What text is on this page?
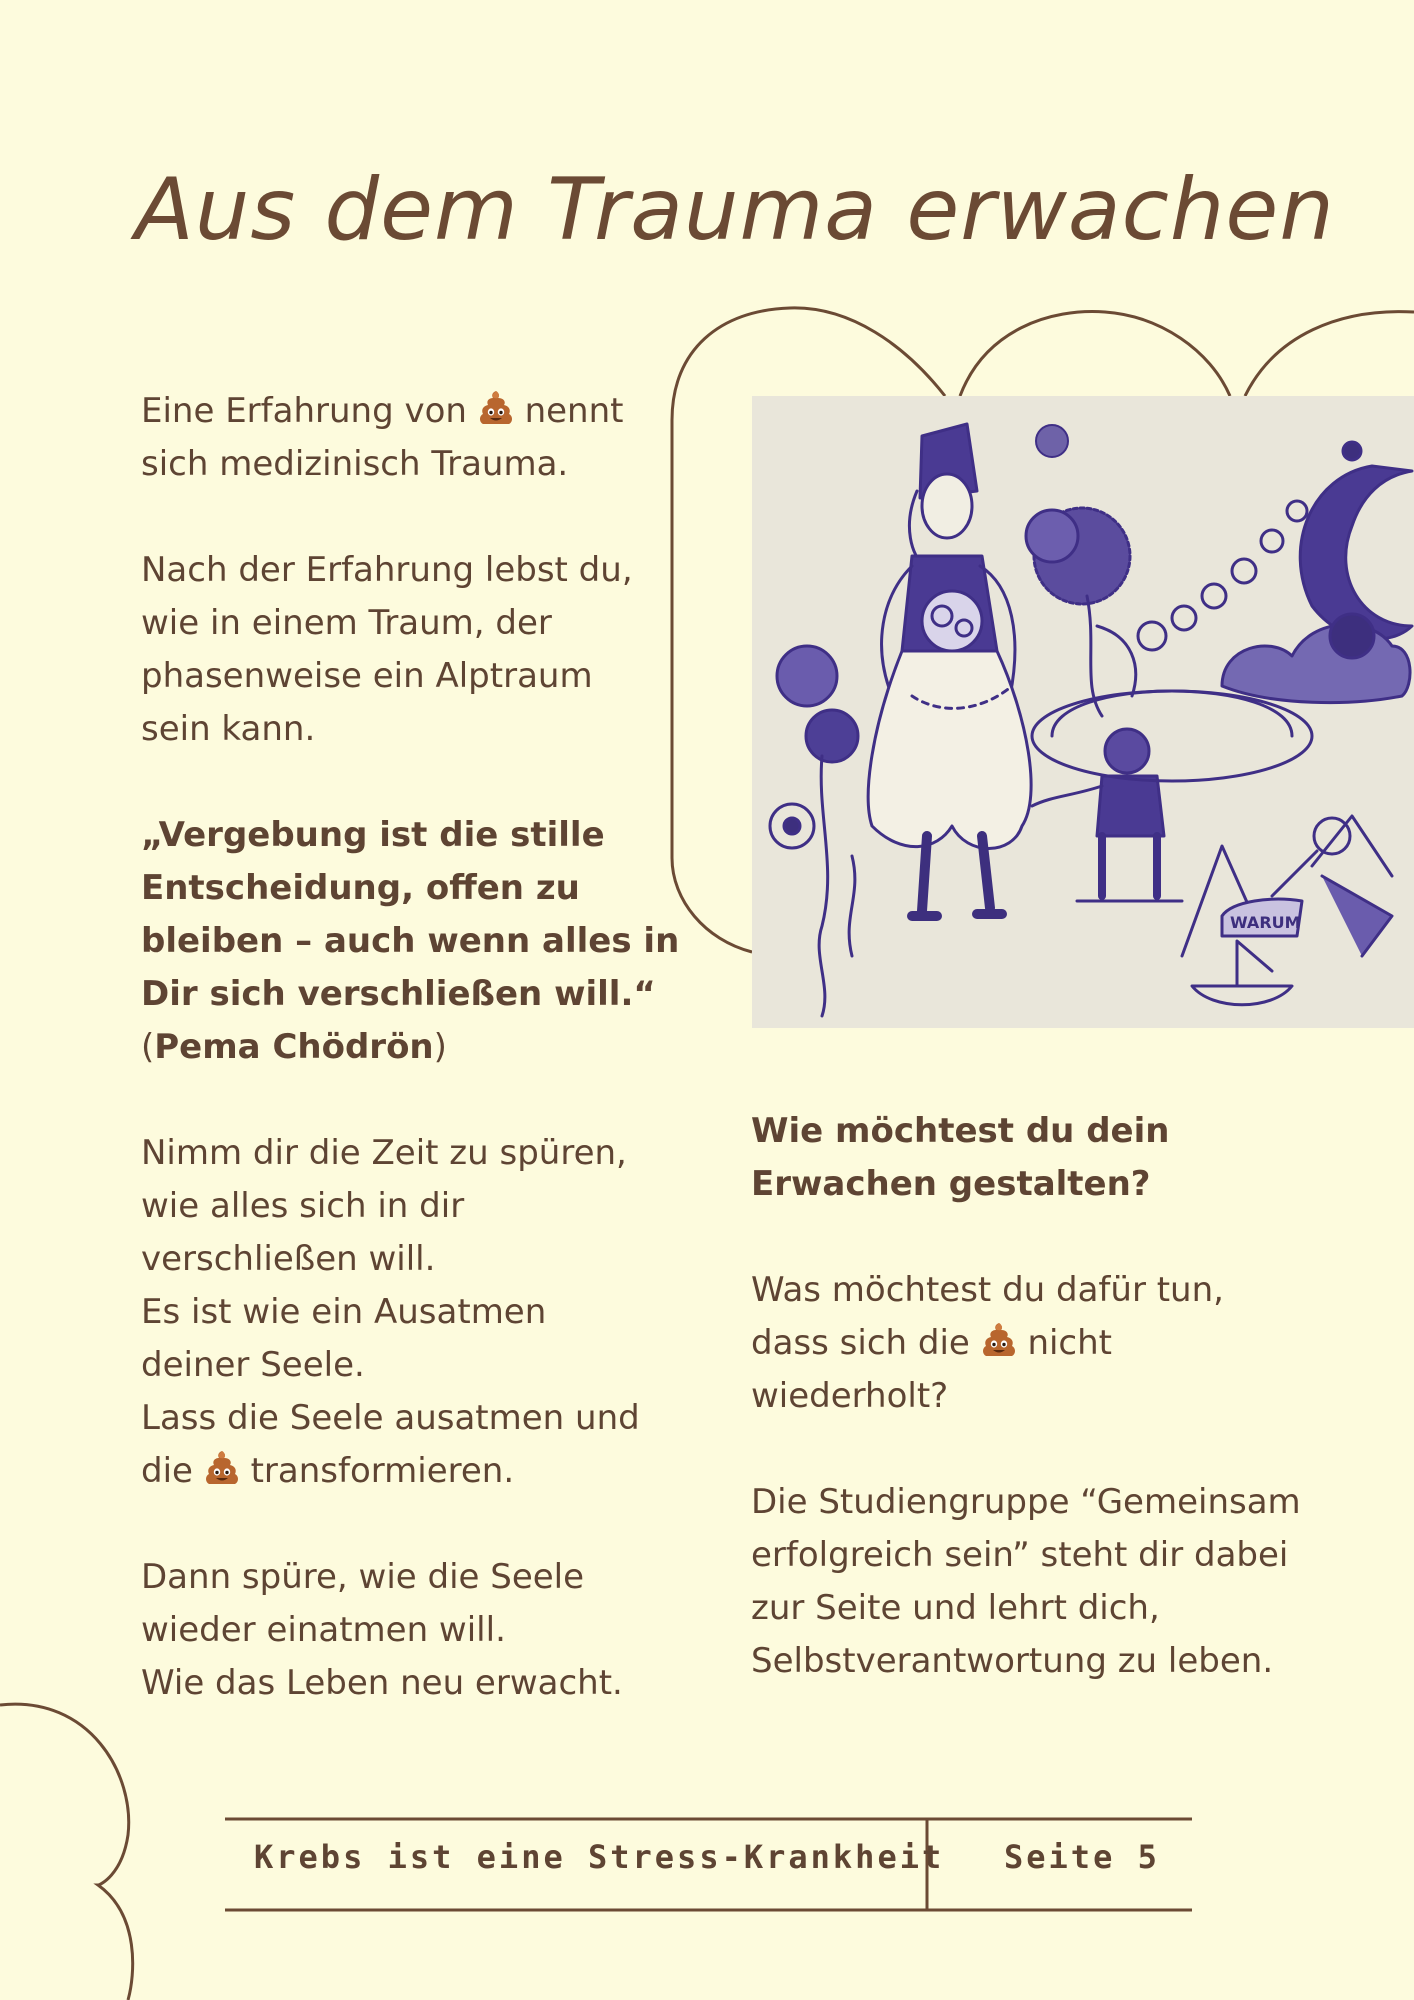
Aus dem Trauma erwachen
Eine Erfahrung von nennt
sich medizinisch Trauma.
Nach der Erfahrung lebst du,
wie in einem Traum, der
phasenweise ein Alptraum
sein kann.
„Vergebung ist die stille
Entscheidung, offen zu
bleiben – auch wenn alles in
Dir sich verschließen will.“
(Pema Chödrön)
Nimm dir die Zeit zu spüren,
wie alles sich in dir
verschließen will.
Es ist wie ein Ausatmen
deiner Seele.
Lass die Seele ausatmen und
die transformieren.
Dann spüre, wie die Seele
wieder einatmen will.
Wie das Leben neu erwacht.
WARUM
Wie möchtest du dein
Erwachen gestalten?
Was möchtest du dafür tun,
dass sich die nicht
wiederholt?
Die Studiengruppe “Gemeinsam
erfolgreich sein” steht dir dabei
zur Seite und lehrt dich,
Selbstverantwortung zu leben.
Krebs ist eine Stress-Krankheit Seite 5
